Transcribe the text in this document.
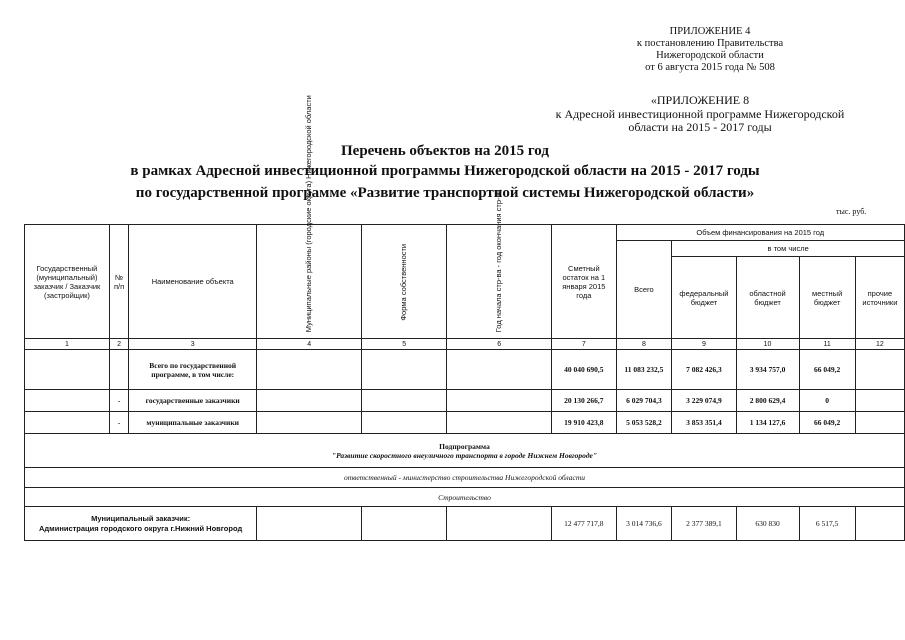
ПРИЛОЖЕНИЕ 4
к постановлению Правительства
Нижегородской области
от 6 августа 2015 года № 508
«ПРИЛОЖЕНИЕ 8
к Адресной инвестиционной программе Нижегородской
области на 2015 - 2017 годы
Перечень объектов на 2015 год
в рамках Адресной инвестиционной программы Нижегородской области на 2015 - 2017 годы
по государственной программе «Развитие транспортной системы Нижегородской области»
тыс. руб.
Государственный (муниципальный) заказчик / Заказчик (застройщик)	№ п/п	Наименование объекта	Муниципальные районы (городские округа) Нижегородской области	Форма собственности	Год начала стр-ва - год окончания стр-ва	Сметный остаток на 1 января 2015 года	Объем финансирования на 2015 год				
							Всего	в том числе			
								федеральный бюджет	областной бюджет	местный бюджет	прочие источники
1	2	3	4	5	6	7	8	9	10	11	12
		Всего по государственной программе, в том числе:				40 040 690,5	11 083 232,5	7 082 426,3	3 934 757,0	66 049,2	
	-	государственные заказчики				20 130 266,7	6 029 704,3	3 229 074,9	2 800 629,4	0	
	-	муниципальные заказчики				19 910 423,8	5 053 528,2	3 853 351,4	1 134 127,6	66 049,2	

Подпрограмма
"Развитие скоростного внеуличного транспорта в городе Нижнем Новгороде"											

ответственный - министерство строительства Нижегородской области											
Строительство											

Муниципальный заказчик:
Администрация городского округа г.Нижний Новгород						12 477 717,8	3 014 736,6	2 377 389,1	630 830	6 517,5	
